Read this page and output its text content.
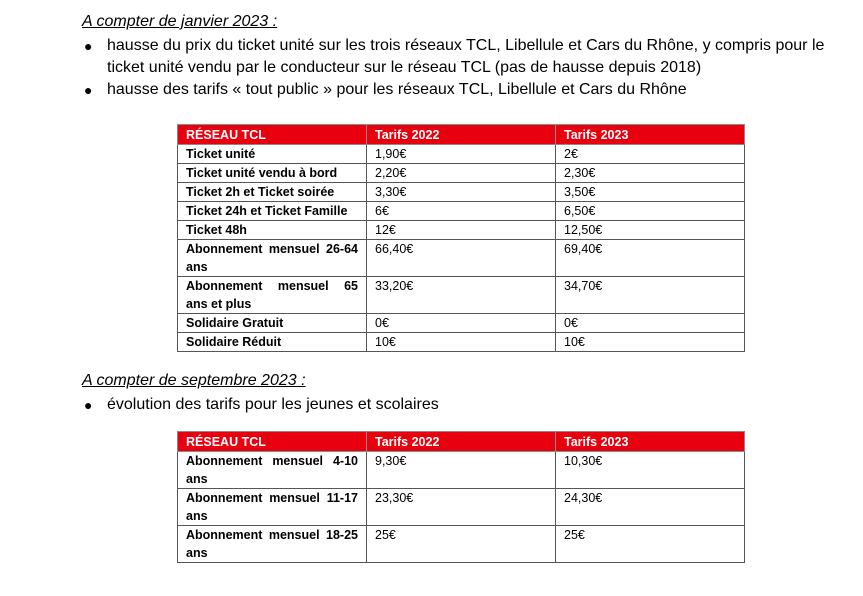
A compter de janvier 2023 :
● hausse du prix du ticket unité sur les trois réseaux TCL, Libellule et Cars du Rhône, y compris pour le ticket unité vendu par le conducteur sur le réseau TCL (pas de hausse depuis 2018)
● hausse des tarifs « tout public » pour les réseaux TCL, Libellule et Cars du Rhône
RÉSEAU TCL	Tarifs 2022	Tarifs 2023
Ticket unité	1,90€	2€
Ticket unité vendu à bord	2,20€	2,30€
Ticket 2h et Ticket soirée	3,30€	3,50€
Ticket 24h et Ticket Famille	6€	6,50€
Ticket 48h	12€	12,50€
Abonnement mensuel 26-64 ans	66,40€	69,40€
Abonnement mensuel 65 ans et plus	33,20€	34,70€
Solidaire Gratuit	0€	0€
Solidaire Réduit	10€	10€
A compter de septembre 2023 :
● évolution des tarifs pour les jeunes et scolaires
RÉSEAU TCL	Tarifs 2022	Tarifs 2023
Abonnement mensuel 4-10 ans	9,30€	10,30€
Abonnement mensuel 11-17 ans	23,30€	24,30€
Abonnement mensuel 18-25 ans	25€	25€
